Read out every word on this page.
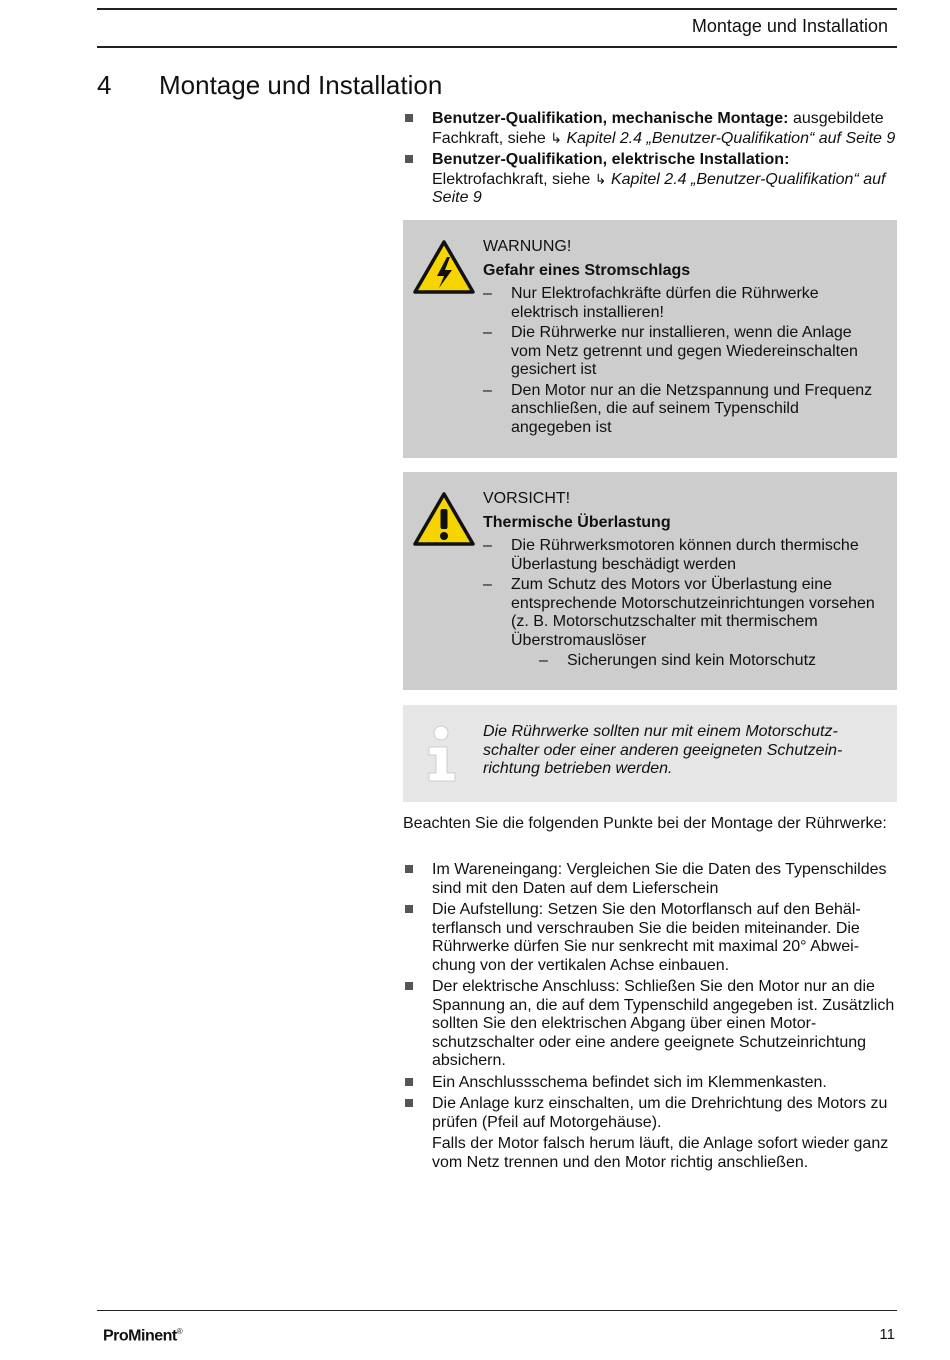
Montage und Installation
4 Montage und Installation
Benutzer-Qualifikation, mechanische Montage: ausgebildete Fachkraft, siehe ↳ Kapitel 2.4 „Benutzer-Qualifikation“ auf Seite 9
Benutzer-Qualifikation, elektrische Installation: Elektrofachkraft, siehe ↳ Kapitel 2.4 „Benutzer-Qualifikation“ auf Seite 9
WARNUNG!
Gefahr eines Stromschlags
– Nur Elektrofachkräfte dürfen die Rührwerke elektrisch installieren!
– Die Rührwerke nur installieren, wenn die Anlage vom Netz getrennt und gegen Wiedereinschalten gesichert ist
– Den Motor nur an die Netzspannung und Frequenz anschließen, die auf seinem Typenschild angegeben ist
VORSICHT!
Thermische Überlastung
– Die Rührwerksmotoren können durch thermische Überlastung beschädigt werden
– Zum Schutz des Motors vor Überlastung eine entsprechende Motorschutzeinrichtungen vorsehen (z. B. Motorschutzschalter mit thermischem Überstromauslöser
– Sicherungen sind kein Motorschutz
Die Rührwerke sollten nur mit einem Motorschutzschalter oder einer anderen geeigneten Schutzeinrichtung betrieben werden.
Beachten Sie die folgenden Punkte bei der Montage der Rührwerke:
Im Wareneingang: Vergleichen Sie die Daten des Typenschildes sind mit den Daten auf dem Lieferschein
Die Aufstellung: Setzen Sie den Motorflansch auf den Behälterflansch und verschrauben Sie die beiden miteinander. Die Rührwerke dürfen Sie nur senkrecht mit maximal 20° Abweichung von der vertikalen Achse einbauen.
Der elektrische Anschluss: Schließen Sie den Motor nur an die Spannung an, die auf dem Typenschild angegeben ist. Zusätzlich sollten Sie den elektrischen Abgang über einen Motorschutzschalter oder eine andere geeignete Schutzeinrichtung absichern.
Ein Anschlussschema befindet sich im Klemmenkasten.
Die Anlage kurz einschalten, um die Drehrichtung des Motors zu prüfen (Pfeil auf Motorgehäuse).
Falls der Motor falsch herum läuft, die Anlage sofort wieder ganz vom Netz trennen und den Motor richtig anschließen.
ProMinent®	11
